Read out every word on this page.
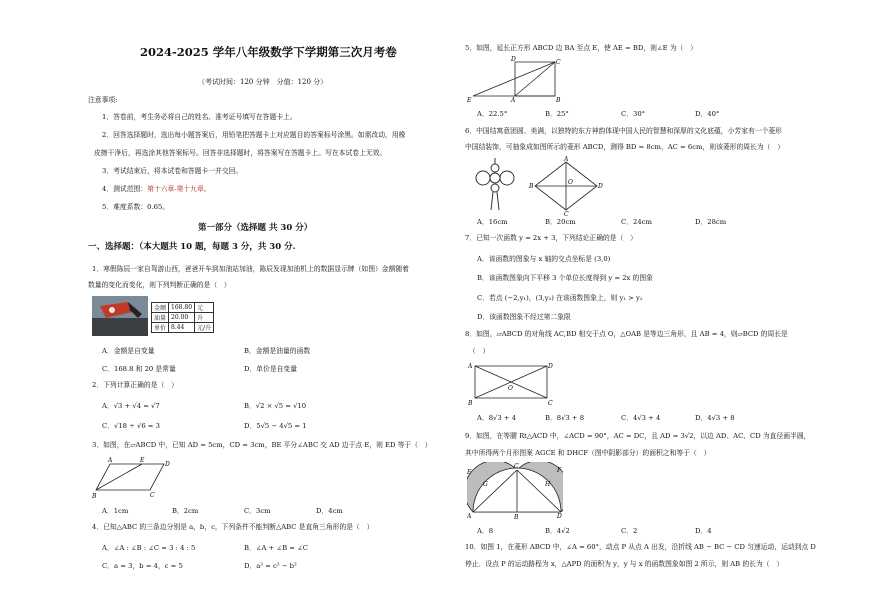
2024-2025 学年八年级数学下学期第三次月考卷
（考试时间：120 分钟　分值：120 分）
注意事项:
1．答卷前，考生务必将自己的姓名、准考证号填写在答题卡上。
2．回答选择题时，选出每小题答案后，用铅笔把答题卡上对应题目的答案标号涂黑。如需改动，用橡
皮擦干净后，再选涂其他答案标号。回答非选择题时，将答案写在答题卡上。写在本试卷上无效。
3．考试结束后，将本试卷和答题卡一并交回。
4．测试范围：第十六章-第十九章。
5．难度系数：0.65。
第一部分（选择题 共 30 分）
一、选择题：（本大题共 10 题，每题 3 分，共 30 分.
1．寒假陈辰一家自驾游山西，爸爸开车到加油站加油，陈辰发现加油机上的数据显示牌（如图）金额随着
数量的变化而变化，则下列判断正确的是（　）
金额	168.80	元
油量	20.00	升
单价	8.44	元/升
A．金额是自变量	B．金额是油量的函数
C．168.8 和 20 是常量	D．单价是自变量
2．下列计算正确的是（　）
A．√3 + √4 = √7	B．√2 × √5 = √10
C．√18 ÷ √6 = 3	D．5√5 − 4√5 = 1
3．如图，在▱ABCD 中，已知 AD = 5cm，CD = 3cm，BE 平分∠ABC 交 AD 边于点 E，则 ED 等于（　）
A	E
D
B	C
A．1cm	B．2cm	C．3cm	D．4cm
4．已知△ABC 的三条边分别是 a，b，c，下列条件不能判断△ABC 是直角三角形的是（　）
A．∠A : ∠B : ∠C = 3 : 4 : 5	B．∠A + ∠B = ∠C
C．a = 3，b = 4，c = 5	D．a² = c² − b²
5．如图，延长正方形 ABCD 边 BA 至点 E，使 AE = BD，则∠E 为（　）
D	C
A
E	B
A．22.5°	B．25°	C．30°	D．40°
6．中国结寓意团圆、美满，以独特的东方神韵体现中国人民的智慧和深厚的文化底蕴，小芳家有一个菱形
中国结装饰，可抽象成如图所示的菱形 ABCD，测得 BD = 8cm，AC = 6cm，则该菱形的周长为（　）
A
B
O
D
C
A．16cm	B．20cm	C．24cm	D．28cm
7．已知一次函数 y = 2x + 3，下列结论正确的是（　）
A．该函数的图象与 x 轴的交点坐标是 (3,0)
B．该函数图象向下平移 3 个单位长度得到 y = 2x 的图象
C．若点 (−2,y₁)，(3,y₂) 在该函数图象上，则 y₁ > y₂
D．该函数图象不经过第二象限
8．如图，▱ABCD 的对角线 AC,BD 相交于点 O，△OAB 是等边三角形，且 AB = 4，则▱BCD 的周长是
（　）
A	D
O
B	C
A．8√3 + 4	B．8√3 + 8	C．4√3 + 4	D．4√3 + 8
9．如图，在等腰 Rt△ACD 中，∠ACD = 90°，AC = DC，且 AD = 3√2，以边 AD、AC、CD 为直径画半圆，
其中所得两个月形图案 AGCE 和 DHCF（图中阴影部分）的面积之和等于（　）
E
C
F
G	H
A	B	D
A．8	B．4√2	C．2	D．4
10．如图 1，在菱形 ABCD 中，∠A = 60°，动点 P 从点 A 出发，沿折线 AB − BC − CD 匀速运动，运动到点 D
停止．设点 P 的运动路程为 x，△APD 的面积为 y，y 与 x 的函数图象如图 2 所示，则 AB 的长为（　）
